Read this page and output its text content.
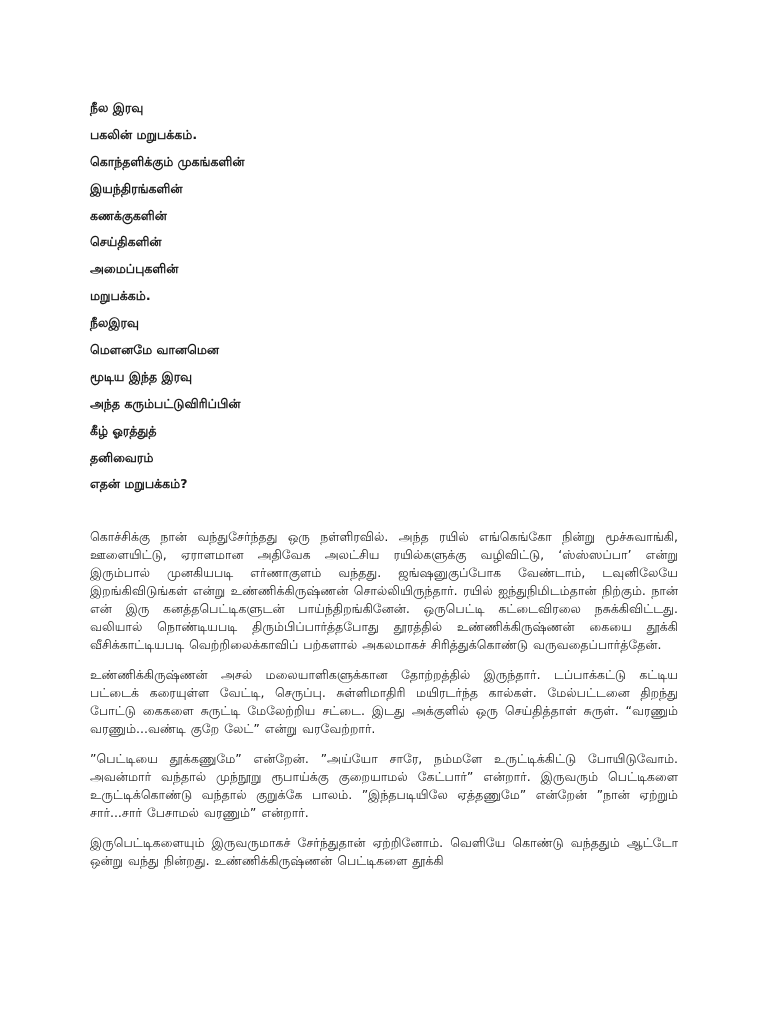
நீல இரவு
பகலின் மறுபக்கம்.
கொந்தளிக்கும் முகங்களின்
இயந்திரங்களின்
கணக்குகளின்
செய்திகளின்
அமைப்புகளின்
மறுபக்கம்.
நீலஇரவு
மௌனமே வானமென
மூடிய இந்த இரவு
அந்த கரும்பட்டுவிரிப்பின்
கீழ் ஓரத்துத்
தனிவைரம்
எதன் மறுபக்கம்?

கொச்சிக்கு நான் வந்துசேர்ந்தது ஒரு நள்ளிரவில். அந்த ரயில் எங்கெங்கோ நின்று மூச்சுவாங்கி, ஊளையிட்டு, ஏராளமான அதிவேக அலட்சிய ரயில்களுக்கு வழிவிட்டு, ‘ஸ்ஸ்ஸப்பா’ என்று இரும்பால் முனகியபடி எர்ணாகுளம் வந்தது. ஜங்ஷனுகுப்போக வேண்டாம், டவுனிலேயே இறங்கிவிடுங்கள் என்று உண்ணிக்கிருஷ்ணன் சொல்லியிருந்தார். ரயில் ஐந்துநிமிடம்தான் நிற்கும். நான் என் இரு கனத்தபெட்டிகளுடன் பாய்ந்திறங்கினேன். ஒருபெட்டி கட்டைவிரலை நசுக்கிவிட்டது. வலியால் நொண்டியபடி திரும்பிப்பார்த்தபோது தூரத்தில் உண்ணிக்கிருஷ்ணன் கையை தூக்கி வீசிக்காட்டியபடி வெற்றிலைக்காவிப் பற்களால் அகலமாகச் சிரித்துக்கொண்டு வருவதைப்பார்த்தேன்.

உண்ணிக்கிருஷ்ணன் அசல் மலையாளிகளுக்கான தோற்றத்தில் இருந்தார். டப்பாக்கட்டு கட்டிய பட்டைக் கரையுள்ள வேட்டி, செருப்பு. சுள்ளிமாதிரி மயிரடர்ந்த கால்கள். மேல்பட்டனை திறந்து போட்டு கைகளை சுருட்டி மேலேற்றிய சட்டை. இடது அக்குளில் ஒரு செய்தித்தாள் சுருள். “வரணும் வரணும்...வண்டி குறே லேட்” என்று வரவேற்றார்.

”பெட்டியை தூக்கணுமே” என்றேன். ”அய்யோ சாரே, நம்மளே உருட்டிக்கிட்டு போயிடுவோம். அவன்மார் வந்தால் முந்நூறு ரூபாய்க்கு குறையாமல் கேட்பார்” என்றார். இருவரும் பெட்டிகளை உருட்டிக்கொண்டு வந்தால் குறுக்கே பாலம். ”இந்தபடியிலே ஏத்தணுமே” என்றேன் ”நான் ஏற்றும் சார்...சார் பேசாமல் வரணும்” என்றார்.

இருபெட்டிகளையும் இருவருமாகச் சேர்ந்துதான் ஏற்றினோம். வெளியே கொண்டு வந்ததும் ஆட்டோ ஒன்று வந்து நின்றது. உண்ணிக்கிருஷ்ணன் பெட்டிகளை தூக்கி
